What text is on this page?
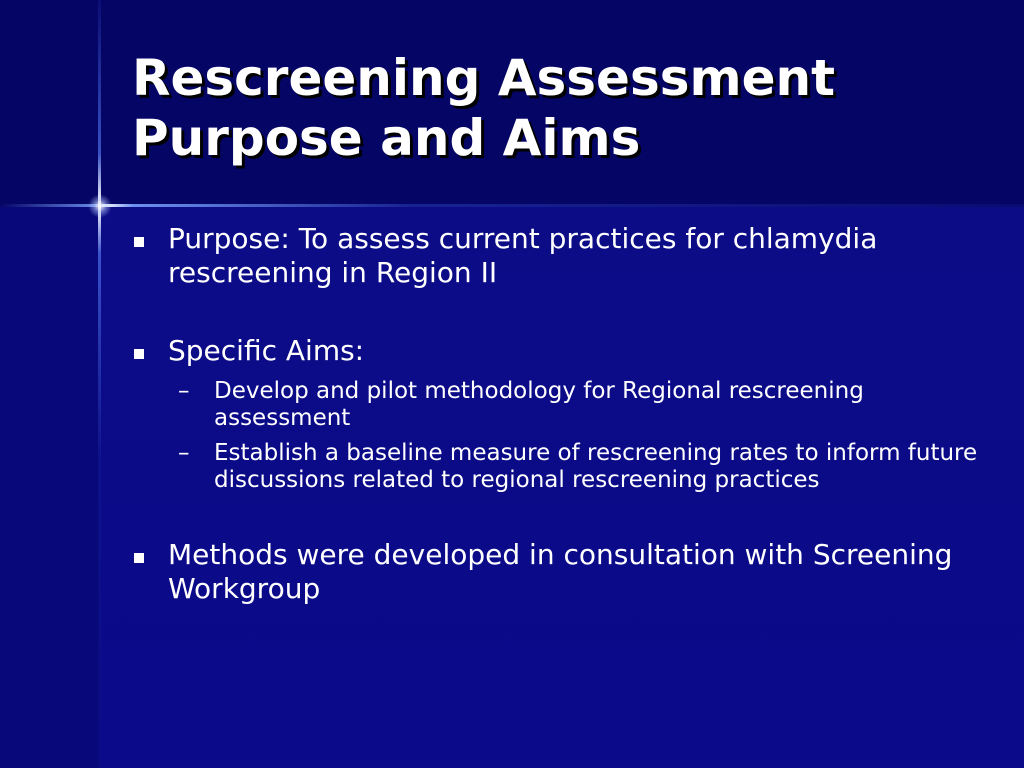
Rescreening Assessment
Purpose and Aims
Purpose: To assess current practices for chlamydia rescreening in Region II
Specific Aims:
– Develop and pilot methodology for Regional rescreening assessment
– Establish a baseline measure of rescreening rates to inform future discussions related to regional rescreening practices
Methods were developed in consultation with Screening Workgroup
